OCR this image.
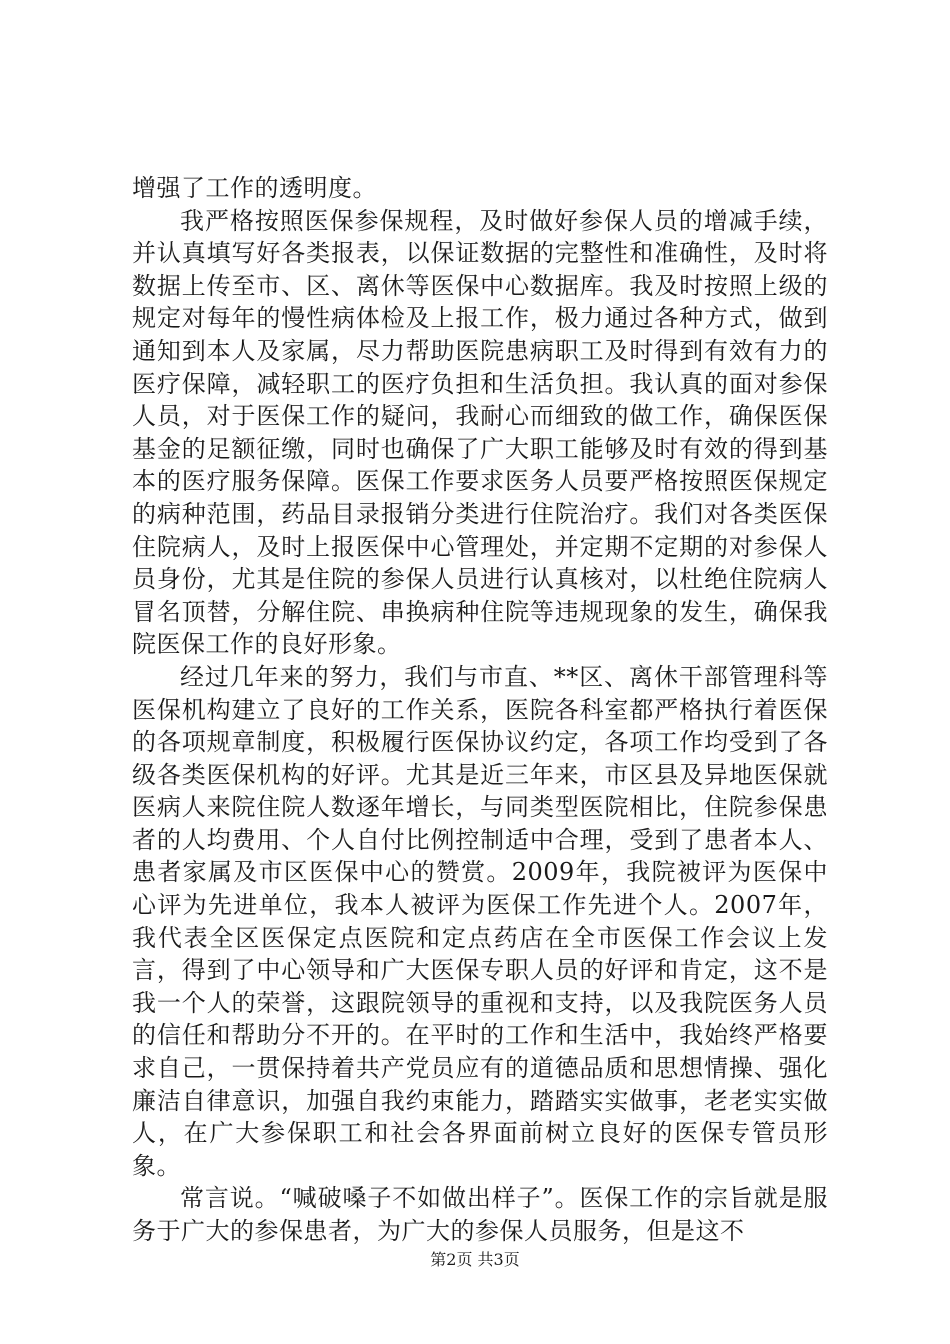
增强了工作的透明度。

我严格按照医保参保规程，及时做好参保人员的增减手续，并认真填写好各类报表，以保证数据的完整性和准确性，及时将数据上传至市、区、离休等医保中心数据库。我及时按照上级的规定对每年的慢性病体检及上报工作，极力通过各种方式，做到通知到本人及家属，尽力帮助医院患病职工及时得到有效有力的医疗保障，减轻职工的医疗负担和生活负担。我认真的面对参保人员，对于医保工作的疑问，我耐心而细致的做工作，确保医保基金的足额征缴，同时也确保了广大职工能够及时有效的得到基本的医疗服务保障。医保工作要求医务人员要严格按照医保规定的病种范围，药品目录报销分类进行住院治疗。我们对各类医保住院病人，及时上报医保中心管理处，并定期不定期的对参保人员身份，尤其是住院的参保人员进行认真核对，以杜绝住院病人冒名顶替，分解住院、串换病种住院等违规现象的发生，确保我院医保工作的良好形象。

经过几年来的努力，我们与市直、**区、离休干部管理科等医保机构建立了良好的工作关系，医院各科室都严格执行着医保的各项规章制度，积极履行医保协议约定，各项工作均受到了各级各类医保机构的好评。尤其是近三年来，市区县及异地医保就医病人来院住院人数逐年增长，与同类型医院相比，住院参保患者的人均费用、个人自付比例控制适中合理，受到了患者本人、患者家属及市区医保中心的赞赏。2009年，我院被评为医保中心评为先进单位，我本人被评为医保工作先进个人。2007年，我代表全区医保定点医院和定点药店在全市医保工作会议上发言，得到了中心领导和广大医保专职人员的好评和肯定，这不是我一个人的荣誉，这跟院领导的重视和支持，以及我院医务人员的信任和帮助分不开的。在平时的工作和生活中，我始终严格要求自己，一贯保持着共产党员应有的道德品质和思想情操、强化廉洁自律意识，加强自我约束能力，踏踏实实做事，老老实实做人，在广大参保职工和社会各界面前树立良好的医保专管员形象。

常言说。“喊破嗓子不如做出样子”。医保工作的宗旨就是服务于广大的参保患者，为广大的参保人员服务，但是这不

第2页 共3页
